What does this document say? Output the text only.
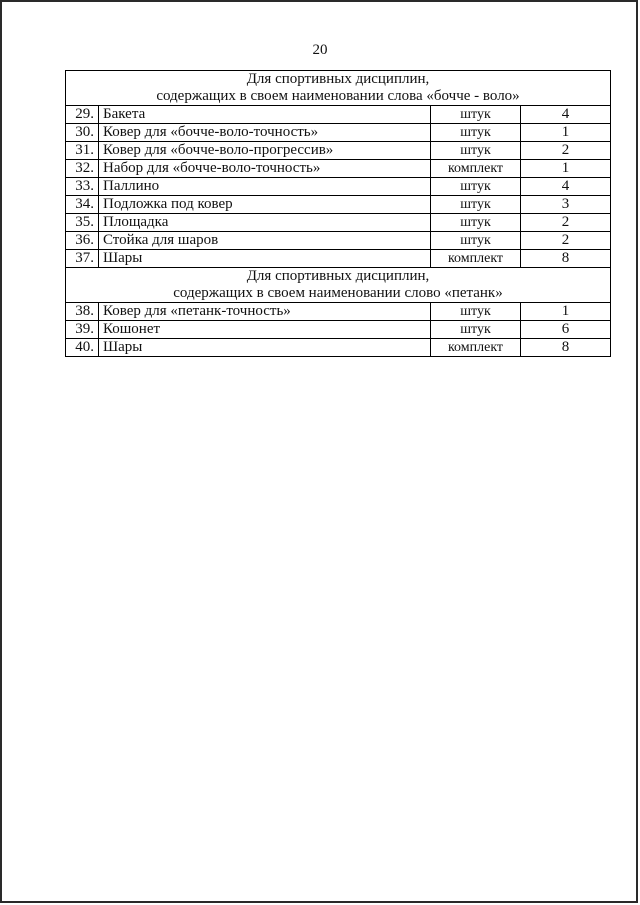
20
Для спортивных дисциплин,
содержащих в своем наименовании слова «бочче - воло»			

29.	Бакета	штук	4
30.	Ковер для «бочче-воло-точность»	штук	1
31.	Ковер для «бочче-воло-прогрессив»	штук	2
32.	Набор для «бочче-воло-точность»	комплект	1
33.	Паллино	штук	4
34.	Подложка под ковер	штук	3
35.	Площадка	штук	2
36.	Стойка для шаров	штук	2
37.	Шары	комплект	8

Для спортивных дисциплин,
содержащих в своем наименовании слово «петанк»			

38.	Ковер для «петанк-точность»	штук	1
39.	Кошонет	штук	6
40.	Шары	комплект	8
